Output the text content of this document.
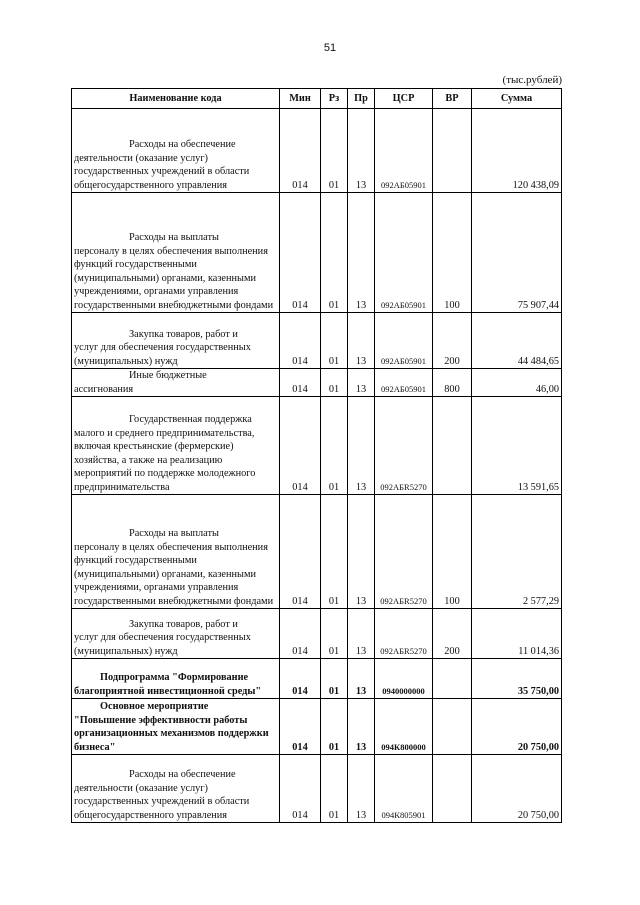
51
(тыс.рублей)
Наименование кода	Мин	Рз	Пр	ЦСР	ВР	Сумма

Расходы на обеспечение
деятельности (оказание услуг) государственных учреждений в области общегосударственного управления	014	01	13	092АБ05901		120 438,09

Расходы на выплаты
персоналу в целях обеспечения выполнения функций государственными (муниципальными) органами, казенными учреждениями, органами управления государственными внебюджетными фондами	014	01	13	092АБ05901	100	75 907,44

Закупка товаров, работ и
услуг для обеспечения государственных (муниципальных) нужд	014	01	13	092АБ05901	200	44 484,65

Иные бюджетные
ассигнования	014	01	13	092АБ05901	800	46,00

Государственная поддержка
малого и среднего предпринимательства, включая крестьянские (фермерские) хозяйства, а также на реализацию мероприятий по поддержке молодежного предпринимательства	014	01	13	092АБR5270		13 591,65

Расходы на выплаты
персоналу в целях обеспечения выполнения функций государственными (муниципальными) органами, казенными учреждениями, органами управления государственными внебюджетными фондами	014	01	13	092АБR5270	100	2 577,29

Закупка товаров, работ и
услуг для обеспечения государственных (муниципальных) нужд	014	01	13	092АБR5270	200	11 014,36

Подпрограмма "Формирование
благоприятной инвестиционной среды"	014	01	13	0940000000		35 750,00

Основное мероприятие
"Повышение эффективности работы организационных механизмов поддержки бизнеса"	014	01	13	094К800000		20 750,00

Расходы на обеспечение
деятельности (оказание услуг) государственных учреждений в области общегосударственного управления	014	01	13	094К805901		20 750,00
